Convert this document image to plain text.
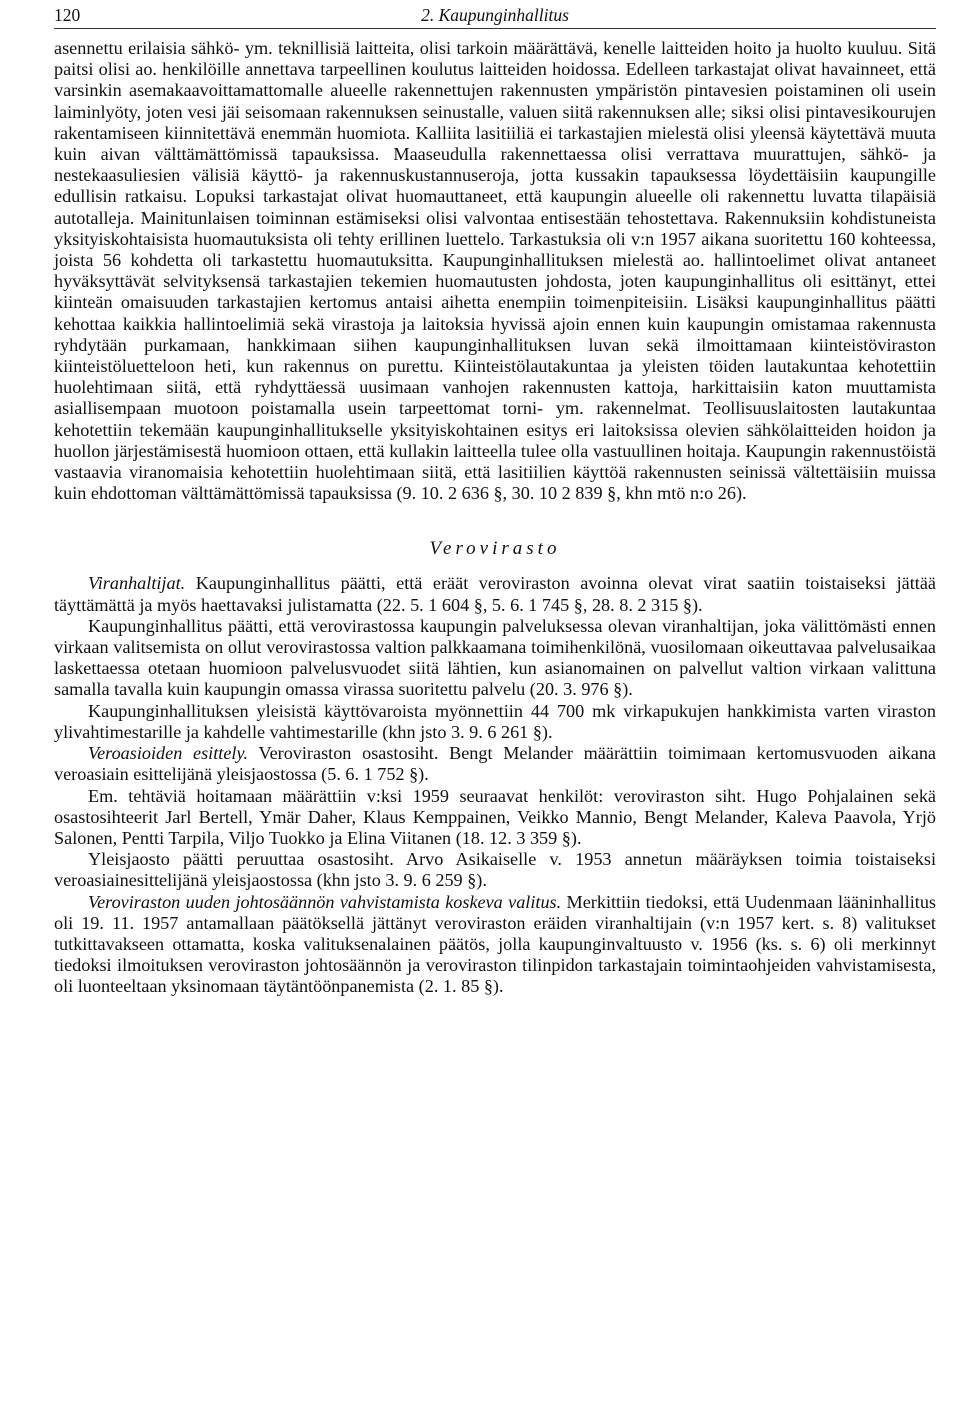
120	2. Kaupunginhallitus

asennettu erilaisia sähkö- ym. teknillisiä laitteita, olisi tarkoin määrättävä, kenelle laitteiden hoito ja huolto kuuluu. Sitä paitsi olisi ao. henkilöille annettava tarpeellinen koulutus laitteiden hoidossa. Edelleen tarkastajat olivat havainneet, että varsinkin asemakaavoittamattomalle alueelle rakennettujen rakennusten ympäristön pintavesien poistaminen oli usein laiminlyöty, joten vesi jäi seisomaan rakennuksen seinustalle, valuen siitä rakennuksen alle; siksi olisi pintavesikourujen rakentamiseen kiinnitettävä enemmän huomiota. Kalliita lasitiiliä ei tarkastajien mielestä olisi yleensä käytettävä muuta kuin aivan välttämättömissä tapauksissa. Maaseudulla rakennettaessa olisi verrattava muurattujen, sähkö- ja nestekaasuliesien välisiä käyttö- ja rakennuskustannuseroja, jotta kussakin tapauksessa löydettäisiin kaupungille edullisin ratkaisu. Lopuksi tarkastajat olivat huomauttaneet, että kaupungin alueelle oli rakennettu luvatta tilapäisiä autotalleja. Mainitunlaisen toiminnan estämiseksi olisi valvontaa entisestään tehostettava. Rakennuksiin kohdistuneista yksityiskohtaisista huomautuksista oli tehty erillinen luettelo. Tarkastuksia oli v:n 1957 aikana suoritettu 160 kohteessa, joista 56 kohdetta oli tarkastettu huomautuksitta. Kaupunginhallituksen mielestä ao. hallintoelimet olivat antaneet hyväksyttävät selvityksensä tarkastajien tekemien huomautusten johdosta, joten kaupunginhallitus oli esittänyt, ettei kiinteän omaisuuden tarkastajien kertomus antaisi aihetta enempiin toimenpiteisiin. Lisäksi kaupunginhallitus päätti kehottaa kaikkia hallintoelimiä sekä virastoja ja laitoksia hyvissä ajoin ennen kuin kaupungin omistamaa rakennusta ryhdytään purkamaan, hankkimaan siihen kaupunginhallituksen luvan sekä ilmoittamaan kiinteistöviraston kiinteistöluetteloon heti, kun rakennus on purettu. Kiinteistölautakuntaa ja yleisten töiden lautakuntaa kehotettiin huolehtimaan siitä, että ryhdyttäessä uusimaan vanhojen rakennusten kattoja, harkittaisiin katon muuttamista asiallisempaan muotoon poistamalla usein tarpeettomat torni- ym. rakennelmat. Teollisuuslaitosten lautakuntaa kehotettiin tekemään kaupunginhallitukselle yksityiskohtainen esitys eri laitoksissa olevien sähkölaitteiden hoidon ja huollon järjestämisestä huomioon ottaen, että kullakin laitteella tulee olla vastuullinen hoitaja. Kaupungin rakennustöistä vastaavia viranomaisia kehotettiin huolehtimaan siitä, että lasitiilien käyttöä rakennusten seinissä vältettäisiin muissa kuin ehdottoman välttämättömissä tapauksissa (9. 10. 2 636 §, 30. 10 2 839 §, khn mtö n:o 26).

Verovirasto

Viranhaltijat. Kaupunginhallitus päätti, että eräät veroviraston avoinna olevat virat saatiin toistaiseksi jättää täyttämättä ja myös haettavaksi julistamatta (22. 5. 1 604 §, 5. 6. 1 745 §, 28. 8. 2 315 §).

Kaupunginhallitus päätti, että verovirastossa kaupungin palveluksessa olevan viranhaltijan, joka välittömästi ennen virkaan valitsemista on ollut verovirastossa valtion palkkaamana toimihenkilönä, vuosilomaan oikeuttavaa palvelusaikaa laskettaessa otetaan huomioon palvelusvuodet siitä lähtien, kun asianomainen on palvellut valtion virkaan valittuna samalla tavalla kuin kaupungin omassa virassa suoritettu palvelu (20. 3. 976 §).

Kaupunginhallituksen yleisistä käyttövaroista myönnettiin 44 700 mk virkapukujen hankkimista varten viraston ylivahtimestarille ja kahdelle vahtimestarille (khn jsto 3. 9. 6 261 §).

Veroasioiden esittely. Veroviraston osastosiht. Bengt Melander määrättiin toimimaan kertomusvuoden aikana veroasiain esittelijänä yleisjaostossa (5. 6. 1 752 §).

Em. tehtäviä hoitamaan määrättiin v:ksi 1959 seuraavat henkilöt: veroviraston siht. Hugo Pohjalainen sekä osastosihteerit Jarl Bertell, Ymär Daher, Klaus Kemppainen, Veikko Mannio, Bengt Melander, Kaleva Paavola, Yrjö Salonen, Pentti Tarpila, Viljo Tuokko ja Elina Viitanen (18. 12. 3 359 §).

Yleisjaosto päätti peruuttaa osastosiht. Arvo Asikaiselle v. 1953 annetun määräyksen toimia toistaiseksi veroasiainesittelijänä yleisjaostossa (khn jsto 3. 9. 6 259 §).

Veroviraston uuden johtosäännön vahvistamista koskeva valitus. Merkittiin tiedoksi, että Uudenmaan lääninhallitus oli 19. 11. 1957 antamallaan päätöksellä jättänyt veroviraston eräiden viranhaltijain (v:n 1957 kert. s. 8) valitukset tutkittavakseen ottamatta, koska valituksenalainen päätös, jolla kaupunginvaltuusto v. 1956 (ks. s. 6) oli merkinnyt tiedoksi ilmoituksen veroviraston johtosäännön ja veroviraston tilinpidon tarkastajain toimintaohjeiden vahvistamisesta, oli luonteeltaan yksinomaan täytäntöönpanemista (2. 1. 85 §).
